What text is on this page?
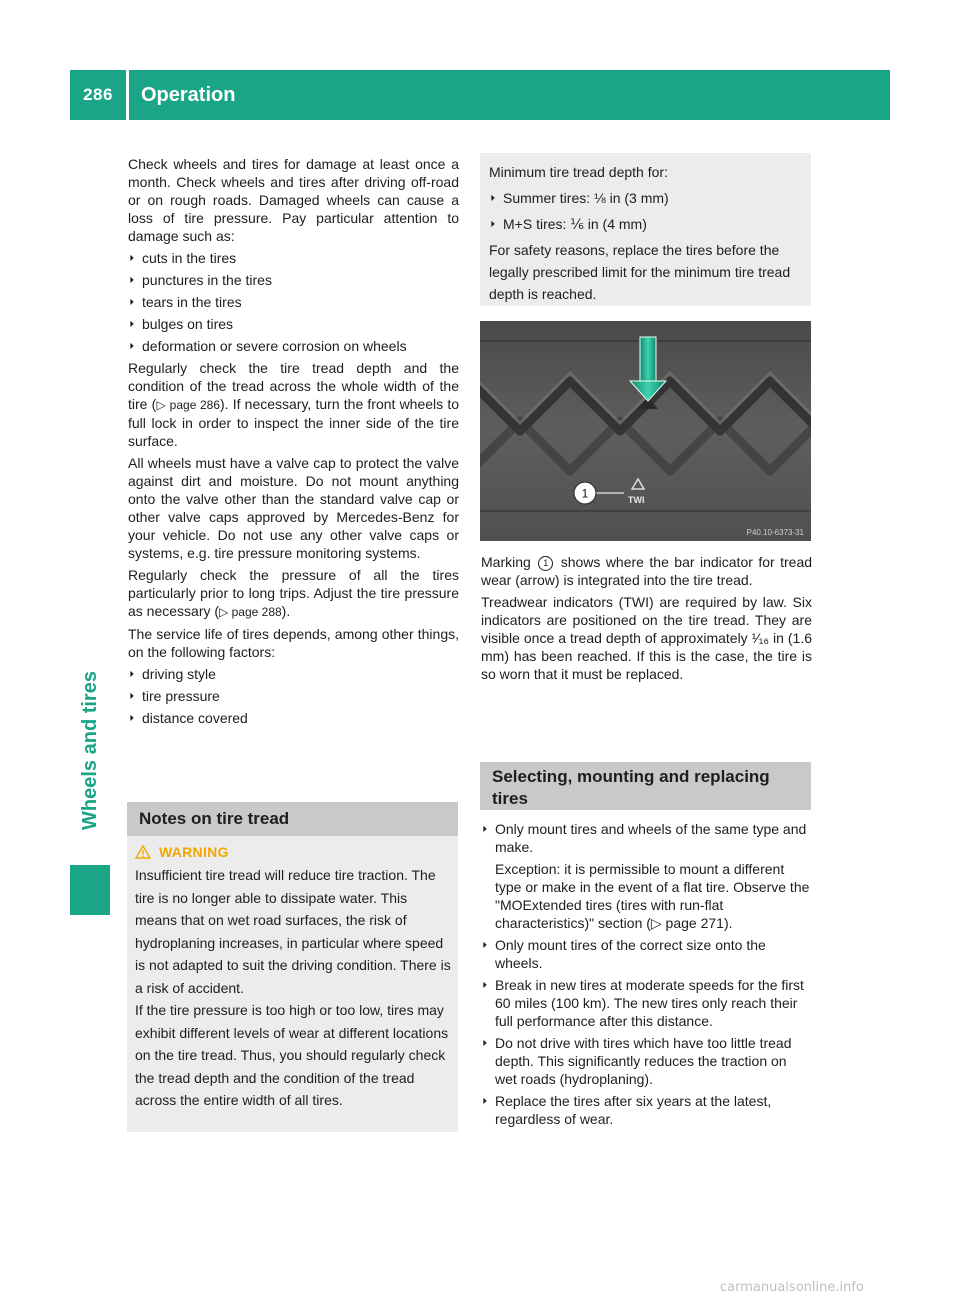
286	Operation
Wheels and tires

Check wheels and tires for damage at least once a month. Check wheels and tires after driving off-road or on rough roads. Damaged wheels can cause a loss of tire pressure. Pay particular attention to damage such as:

▶ cuts in the tires
▶ punctures in the tires
▶ tears in the tires
▶ bulges on tires
▶ deformation or severe corrosion on wheels

Regularly check the tire tread depth and the condition of the tread across the whole width of the tire (▷ page 286). If necessary, turn the front wheels to full lock in order to inspect the inner side of the tire surface.

All wheels must have a valve cap to protect the valve against dirt and moisture. Do not mount anything onto the valve other than the standard valve cap or other valve caps approved by Mercedes-Benz for your vehicle. Do not use any other valve caps or systems, e.g. tire pressure monitoring systems.

Regularly check the pressure of all the tires particularly prior to long trips. Adjust the tire pressure as necessary (▷ page 288).

The service life of tires depends, among other things, on the following factors:

▶ driving style
▶ tire pressure
▶ distance covered
Notes on tire tread
WARNING

Insufficient tire tread will reduce tire traction. The tire is no longer able to dissipate water. This means that on wet road surfaces, the risk of hydroplaning increases, in particular where speed is not adapted to suit the driving condition. There is a risk of accident.

If the tire pressure is too high or too low, tires may exhibit different levels of wear at different locations on the tire tread. Thus, you should regularly check the tread depth and the condition of the tread across the entire width of all tires.

Minimum tire tread depth for:

▶ Summer tires: ⅛ in (3 mm)
▶ M+S tires: ⅙ in (4 mm)

For safety reasons, replace the tires before the legally prescribed limit for the minimum tire tread depth is reached.

TWI
1
P40.10-6373-31

Marking 1 shows where the bar indicator for tread wear (arrow) is integrated into the tire tread.

Treadwear indicators (TWI) are required by law. Six indicators are positioned on the tire tread. They are visible once a tread depth of approximately ¹⁄₁₆ in (1.6 mm) has been reached. If this is the case, the tire is so worn that it must be replaced.

Selecting, mounting and replacing tires
▶ Only mount tires and wheels of the same type and make.
Exception: it is permissible to mount a different type or make in the event of a flat tire. Observe the "MOExtended tires (tires with run-flat characteristics)" section (▷ page 271).
▶ Only mount tires of the correct size onto the wheels.
▶ Break in new tires at moderate speeds for the first 60 miles (100 km). The new tires only reach their full performance after this distance.
▶ Do not drive with tires which have too little tread depth. This significantly reduces the traction on wet roads (hydroplaning).
▶ Replace the tires after six years at the latest, regardless of wear.
carmanualsonline.info
